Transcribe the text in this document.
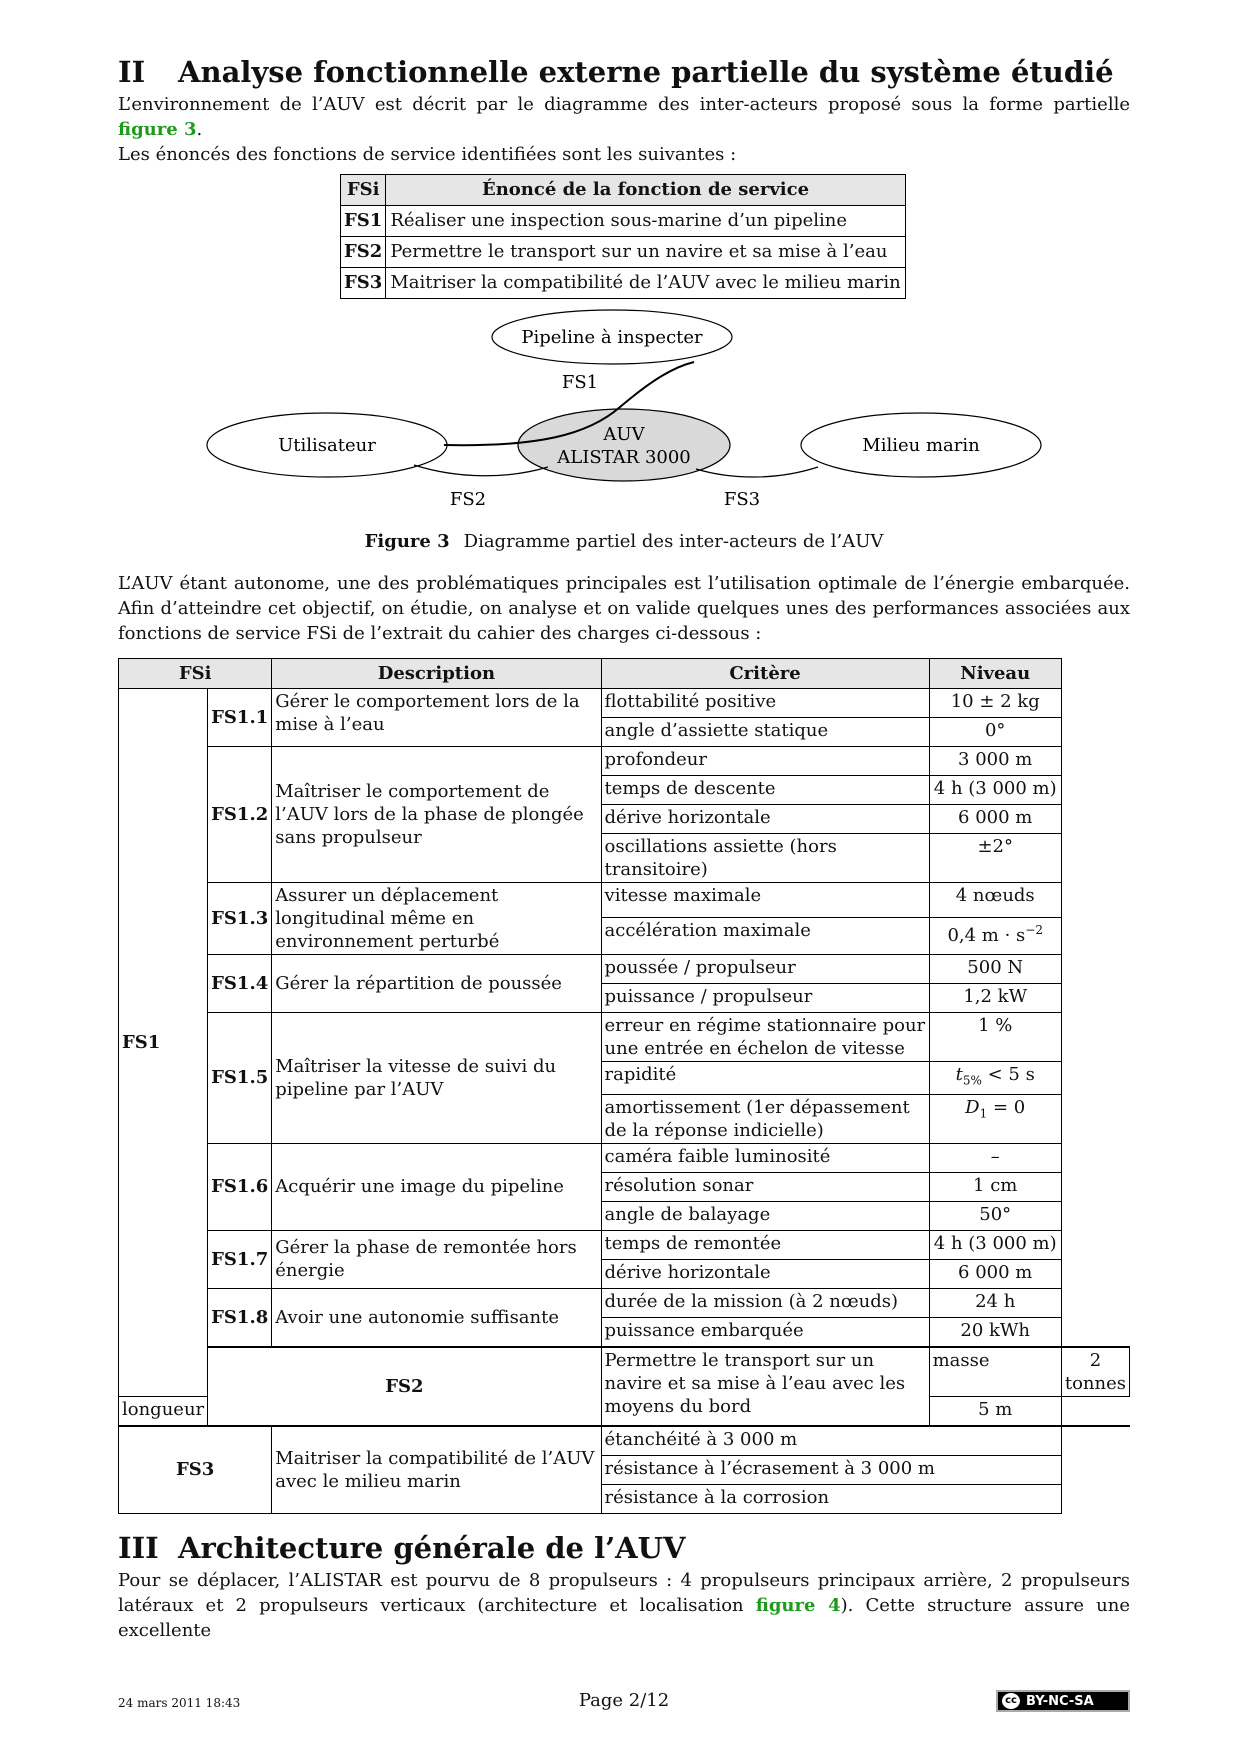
II Analyse fonctionnelle externe partielle du système étudié

L’environnement de l’AUV est décrit par le diagramme des inter-acteurs proposé sous la forme partielle figure 3.
Les énoncés des fonctions de service identifiées sont les suivantes :

FSi	Énoncé de la fonction de service
FS1	Réaliser une inspection sous-marine d’un pipeline
FS2	Permettre le transport sur un navire et sa mise à l’eau
FS3	Maitriser la compatibilité de l’AUV avec le milieu marin
Pipeline à inspecter
Utilisateur	Milieu marin
AUV
ALISTAR 3000
FS1
FS2	FS3

Figure 3 Diagramme partiel des inter-acteurs de l’AUV

L’AUV étant autonome, une des problématiques principales est l’utilisation optimale de l’énergie embarquée. Afin d’atteindre cet objectif, on étudie, on analyse et on valide quelques unes des performances associées aux fonctions de service FSi de l’extrait du cahier des charges ci-dessous :

FSi		Description	Critère	Niveau	
FS1	FS1.1	Gérer le comportement lors de la mise à l’eau	flottabilité positive	10 ± 2 kg	
			angle d’assiette statique	0°	
	FS1.2	Maîtriser le comportement de l’AUV lors de la phase de plongée sans propulseur	profondeur	3 000 m	
			temps de descente	4 h (3 000 m)	
			dérive horizontale	6 000 m	
			oscillations assiette (hors transitoire)	±2°	
	FS1.3	Assurer un déplacement longitudinal même en environnement perturbé	vitesse maximale	4 nœuds	
			accélération maximale	0,4 $m \cdot s^{-2}$
	FS1.4	Gérer la répartition de poussée	poussée / propulseur	500 N	
			puissance / propulseur	1,2 kW	
	FS1.5	Maîtriser la vitesse de suivi du pipeline par l’AUV	erreur en régime stationnaire pour une entrée en échelon de vitesse	1 %	
			rapidité	$t_{5\%} < 5$ s	
			amortissement (1er dépassement de la réponse indicielle)	$D_1 = 0$	
	FS1.6	Acquérir une image du pipeline	caméra faible luminosité	–	
			résolution sonar	1 cm	
			angle de balayage	50°	
	FS1.7	Gérer la phase de remontée hors énergie	temps de remontée	4 h (3 000 m)	
			dérive horizontale	6 000 m	
	FS1.8	Avoir une autonomie suffisante	durée de la mission (à 2 nœuds)	24 h	
			puissance embarquée	20 kWh	
	FS2		Permettre le transport sur un navire et sa mise à l’eau avec les moyens du bord	masse	2 tonnes
longueur				5 m	
FS3		Maitriser la compatibilité de l’AUV avec le milieu marin	étanchéité à 3 000 m		
			résistance à l’écrasement à 3 000 m		
			résistance à la corrosion		
III Architecture générale de l’AUV

Pour se déplacer, l’ALISTAR est pourvu de 8 propulseurs : 4 propulseurs principaux arrière, 2 propulseurs latéraux et 2 propulseurs verticaux (architecture et localisation figure 4). Cette structure assure une excellente

24 mars 2011 18:43	Page 2/12	cc BY-NC-SA
